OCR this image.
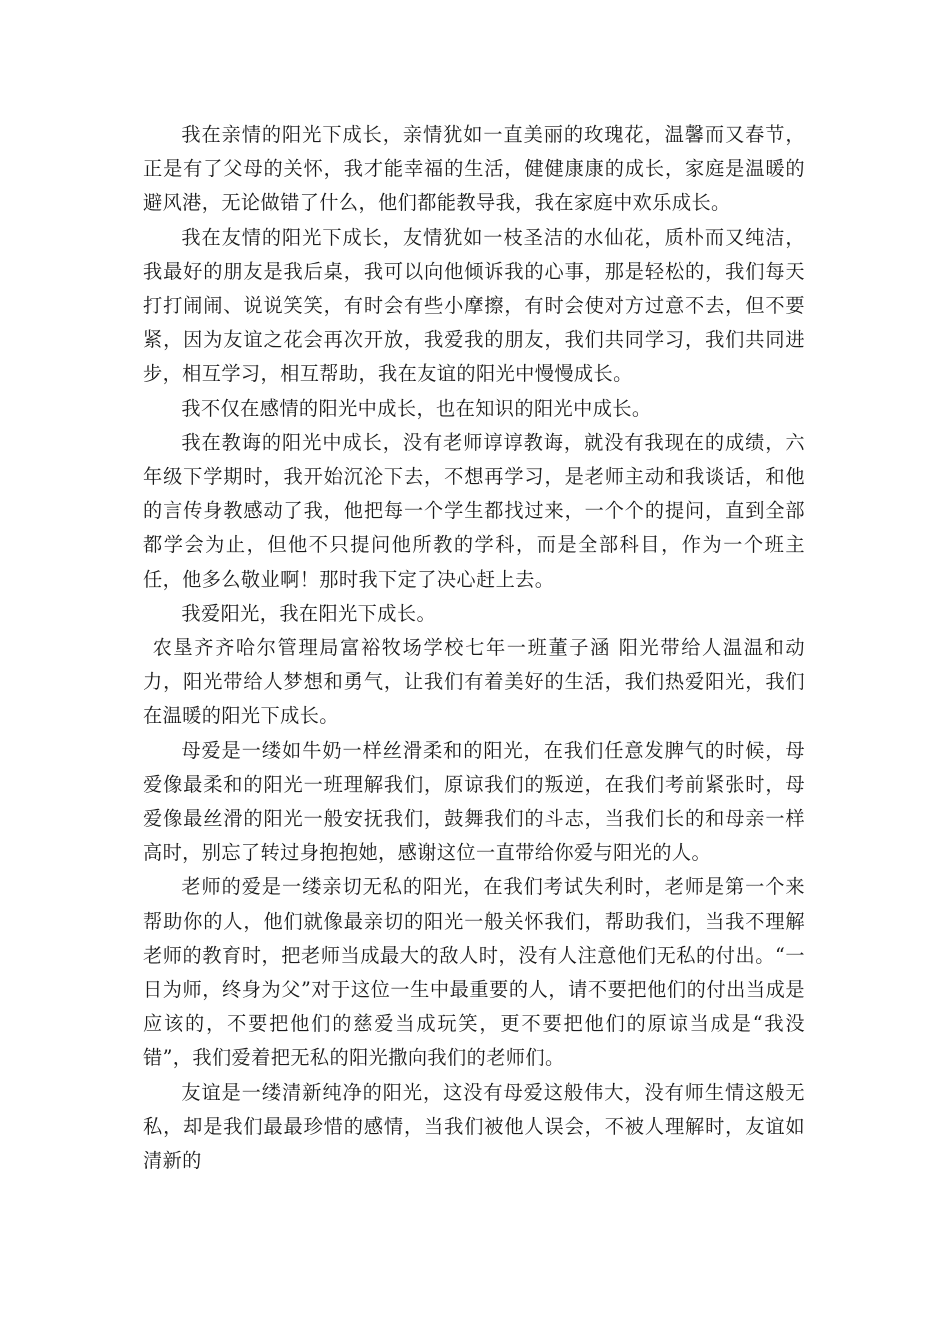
我在亲情的阳光下成长，亲情犹如一直美丽的玫瑰花，温馨而又春节，正是有了父母的关怀，我才能幸福的生活，健健康康的成长，家庭是温暖的避风港，无论做错了什么，他们都能教导我，我在家庭中欢乐成长。

我在友情的阳光下成长，友情犹如一枝圣洁的水仙花，质朴而又纯洁，我最好的朋友是我后桌，我可以向他倾诉我的心事，那是轻松的，我们每天打打闹闹、说说笑笑，有时会有些小摩擦，有时会使对方过意不去，但不要紧，因为友谊之花会再次开放，我爱我的朋友，我们共同学习，我们共同进步，相互学习，相互帮助，我在友谊的阳光中慢慢成长。

我不仅在感情的阳光中成长，也在知识的阳光中成长。

我在教诲的阳光中成长，没有老师谆谆教诲，就没有我现在的成绩，六年级下学期时，我开始沉沦下去，不想再学习，是老师主动和我谈话，和他的言传身教感动了我，他把每一个学生都找过来，一个个的提问，直到全部都学会为止，但他不只提问他所教的学科，而是全部科目，作为一个班主任，他多么敬业啊！那时我下定了决心赶上去。

我爱阳光，我在阳光下成长。

农垦齐齐哈尔管理局富裕牧场学校七年一班董子涵 阳光带给人温温和动力，阳光带给人梦想和勇气，让我们有着美好的生活，我们热爱阳光，我们在温暖的阳光下成长。

母爱是一缕如牛奶一样丝滑柔和的阳光，在我们任意发脾气的时候，母爱像最柔和的阳光一班理解我们，原谅我们的叛逆，在我们考前紧张时，母爱像最丝滑的阳光一般安抚我们，鼓舞我们的斗志，当我们长的和母亲一样高时，别忘了转过身抱抱她，感谢这位一直带给你爱与阳光的人。

老师的爱是一缕亲切无私的阳光，在我们考试失利时，老师是第一个来帮助你的人，他们就像最亲切的阳光一般关怀我们，帮助我们，当我不理解老师的教育时，把老师当成最大的敌人时，没有人注意他们无私的付出。“一日为师，终身为父”对于这位一生中最重要的人，请不要把他们的付出当成是应该的，不要把他们的慈爱当成玩笑，更不要把他们的原谅当成是“我没错”，我们爱着把无私的阳光撒向我们的老师们。

友谊是一缕清新纯净的阳光，这没有母爱这般伟大，没有师生情这般无私，却是我们最最珍惜的感情，当我们被他人误会，不被人理解时，友谊如清新的
